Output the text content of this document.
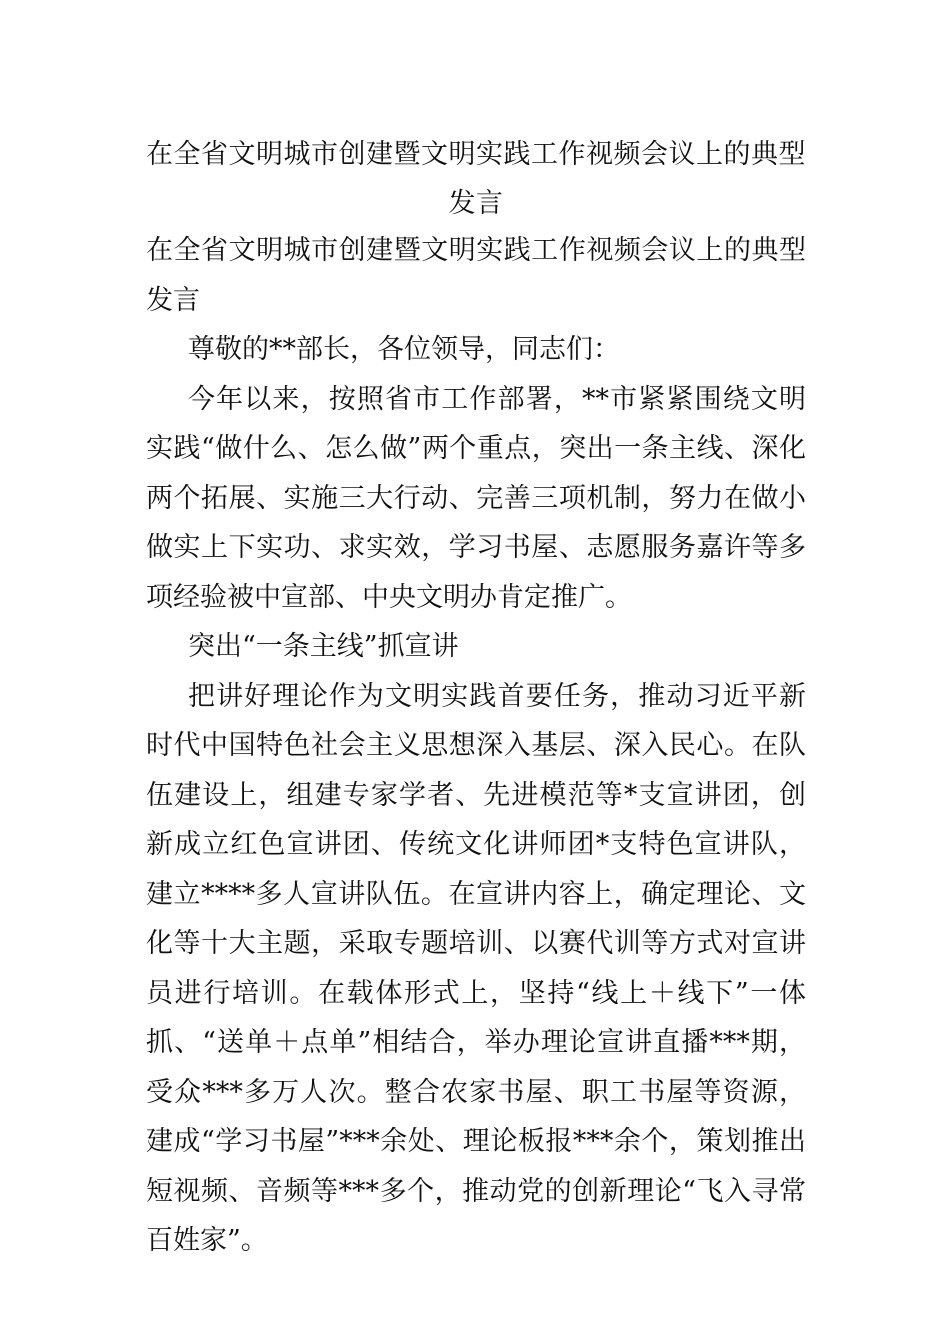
在全省文明城市创建暨文明实践工作视频会议上的典型发言

在全省文明城市创建暨文明实践工作视频会议上的典型发言

尊敬的**部长，各位领导，同志们：

今年以来，按照省市工作部署，**市紧紧围绕文明实践“做什么、怎么做”两个重点，突出一条主线、深化两个拓展、实施三大行动、完善三项机制，努力在做小做实上下实功、求实效，学习书屋、志愿服务嘉许等多项经验被中宣部、中央文明办肯定推广。

突出“一条主线”抓宣讲

把讲好理论作为文明实践首要任务，推动习近平新时代中国特色社会主义思想深入基层、深入民心。在队伍建设上，组建专家学者、先进模范等*支宣讲团，创新成立红色宣讲团、传统文化讲师团*支特色宣讲队，建立****多人宣讲队伍。在宣讲内容上，确定理论、文化等十大主题，采取专题培训、以赛代训等方式对宣讲员进行培训。在载体形式上，坚持“线上＋线下”一体抓、“送单＋点单”相结合，举办理论宣讲直播***期，受众***多万人次。整合农家书屋、职工书屋等资源，建成“学习书屋”***余处、理论板报***余个，策划推出短视频、音频等***多个，推动党的创新理论“飞入寻常百姓家”。
